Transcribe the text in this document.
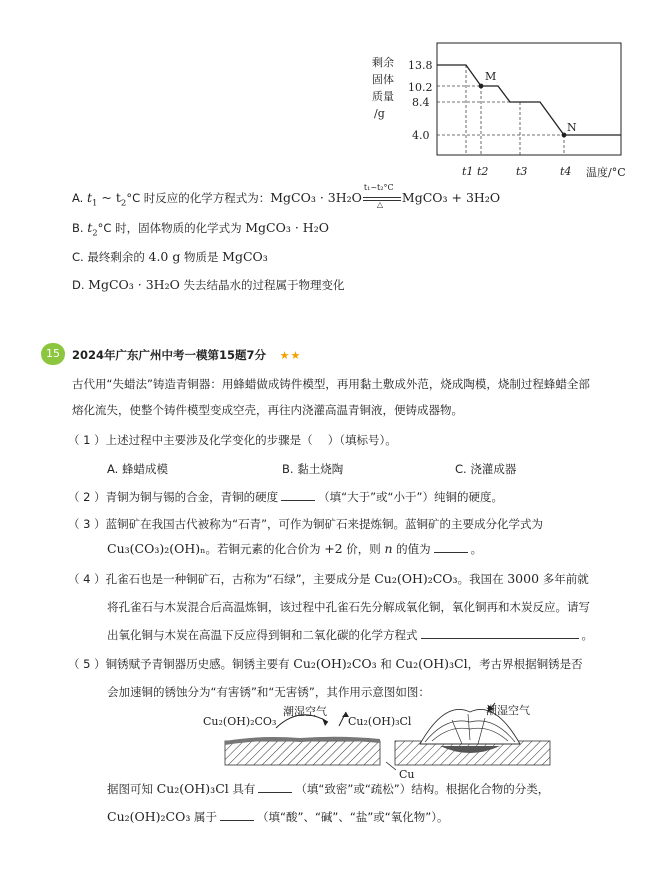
剩余
固体
质量
/g
13.8
10.2
8.4
4.0
M
N
t1 t2	t3	t4 温度/°C
A. $t_1$ ~ $t_2^\circ C$ 时反应的化学方程式为：MgCO₃ · 3H₂O
t₁~t₂°C
△ MgCO₃ + 3H₂O
B. $t_2^\circ C$ 时，固体物质的化学式为 MgCO₃ · H₂O
C. 最终剩余的 4.0 g 物质是 MgCO₃
D. MgCO₃ · 3H₂O 失去结晶水的过程属于物理变化
15	2024年广东广州中考一模第15题7分 ★★
古代用“失蜡法”铸造青铜器：用蜂蜡做成铸件模型，再用黏土敷成外范，烧成陶模，烧制过程蜂蜡全部
熔化流失，使整个铸件模型变成空壳，再往内浇灌高温青铜液，便铸成器物。
（ 1 ）上述过程中主要涉及化学变化的步骤是（　 ）（填标号）。
A. 蜂蜡成模	B. 黏土烧陶	C. 浇灌成器
（ 2 ）青铜为铜与锡的合金，青铜的硬度	（填“大于”或“小于”）纯铜的硬度。
（ 3 ）蓝铜矿在我国古代被称为“石青”，可作为铜矿石来提炼铜。蓝铜矿的主要成分化学式为
Cu₃(CO₃)₂(OH)ₙ。若铜元素的化合价为 +2 价，则 n 的值为	。
（ 4 ）孔雀石也是一种铜矿石，古称为“石绿”，主要成分是 Cu₂(OH)₂CO₃。我国在 3000 多年前就
将孔雀石与木炭混合后高温炼铜，该过程中孔雀石先分解成氧化铜，氧化铜再和木炭反应。请写
出氧化铜与木炭在高温下反应得到铜和二氧化碳的化学方程式	。
（ 5 ）铜锈赋予青铜器历史感。铜锈主要有 Cu₂(OH)₂CO₃ 和 Cu₂(OH)₃Cl，考古界根据铜锈是否
会加速铜的锈蚀分为“有害锈”和“无害锈”，其作用示意图如图：
Cu₂(OH)₂CO₃
潮湿空气
Cu₂(OH)₃Cl
潮湿空气
Cu
据图可知 Cu₂(OH)₃Cl 具有	（填“致密”或“疏松”）结构。根据化合物的分类，
Cu₂(OH)₂CO₃ 属于	（填“酸”、“碱”、“盐”或“氧化物”）。
